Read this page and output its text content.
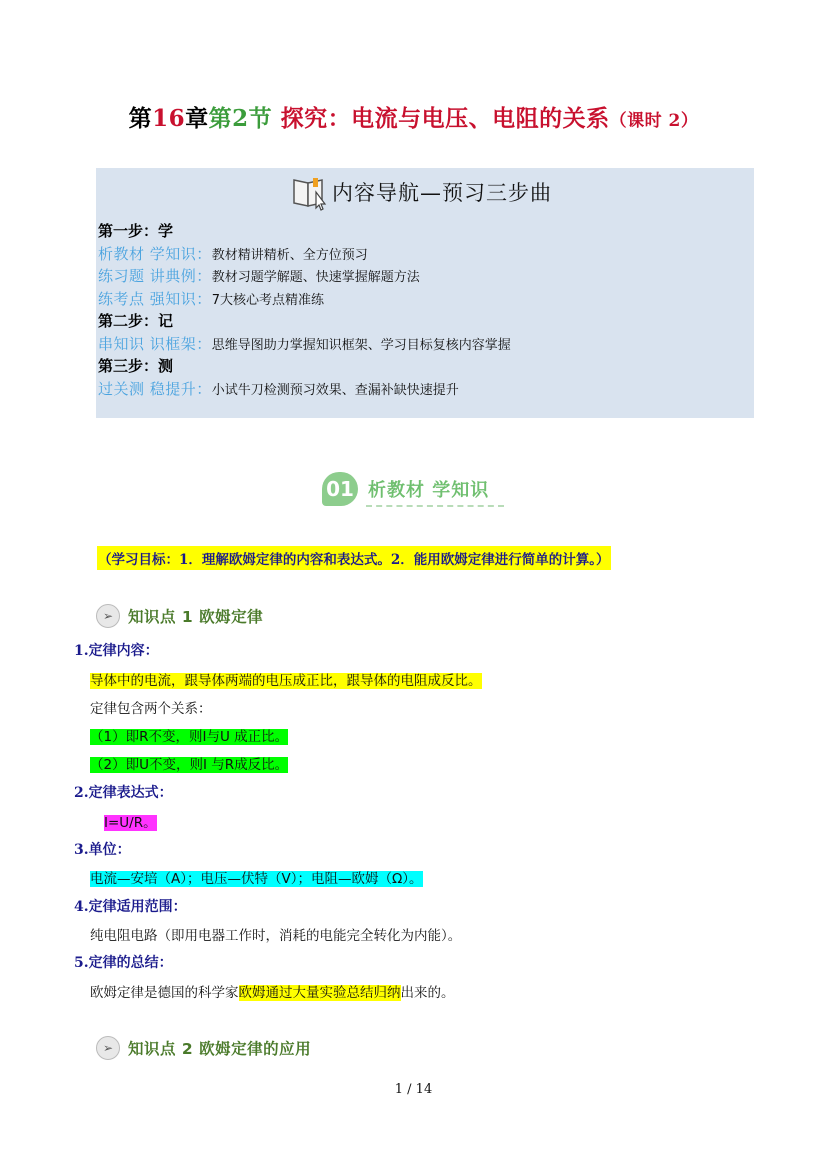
第16章第2节 探究：电流与电压、电阻的关系（课时 2）
内容导航—预习三步曲
第一步：学
析教材 学知识：教材精讲精析、全方位预习
练习题 讲典例：教材习题学解题、快速掌握解题方法
练考点 强知识：7大核心考点精准练
第二步：记
串知识 识框架：思维导图助力掌握知识框架、学习目标复核内容掌握
第三步：测
过关测 稳提升：小试牛刀检测预习效果、查漏补缺快速提升
01 析教材 学知识
（学习目标：1．理解欧姆定律的内容和表达式。2．能用欧姆定律进行简单的计算。）
➢ 知识点 1 欧姆定律
1.定律内容：
导体中的电流，跟导体两端的电压成正比，跟导体的电阻成反比。
定律包含两个关系：
（1）即R不变，则I与U 成正比。
（2）即U不变，则I 与R成反比。
2.定律表达式：
I=U/R。
3.单位：
电流—安培（A）；电压—伏特（V）；电阻—欧姆（Ω）。
4.定律适用范围：
纯电阻电路（即用电器工作时，消耗的电能完全转化为内能）。
5.定律的总结：
欧姆定律是德国的科学家欧姆通过大量实验总结归纳出来的。
➢ 知识点 2 欧姆定律的应用
1 / 14
